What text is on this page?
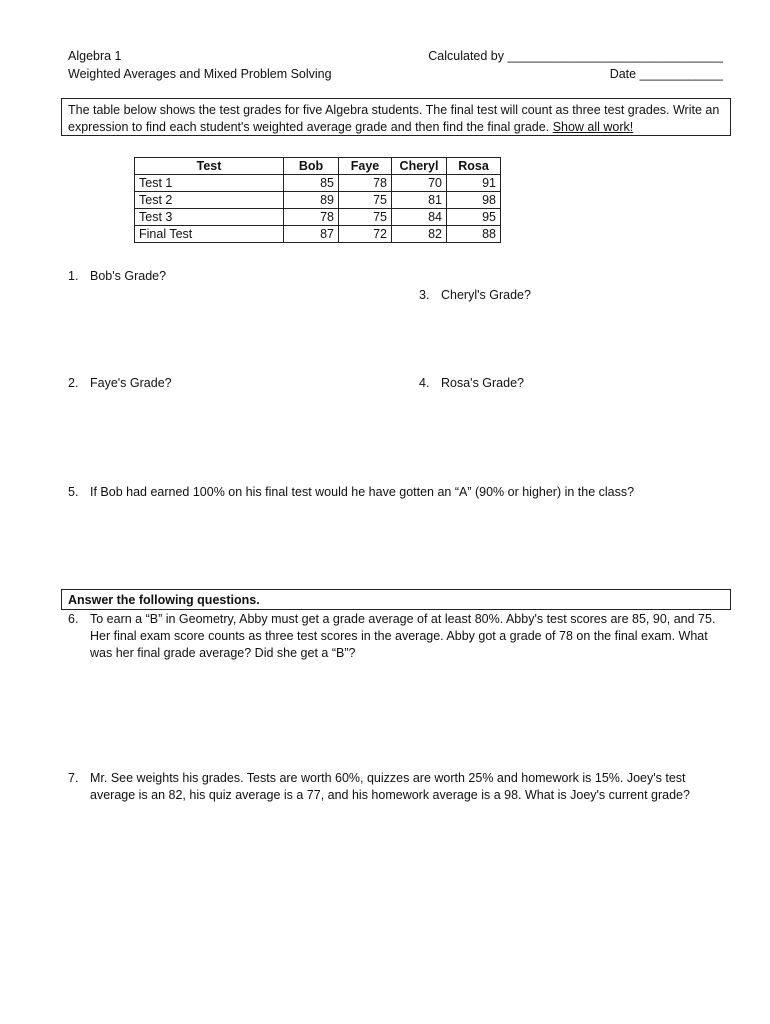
Algebra 1
Weighted Averages and Mixed Problem Solving
Calculated by _______________________________
Date ____________
The table below shows the test grades for five Algebra students. The final test will count as three test grades. Write an expression to find each student's weighted average grade and then find the final grade. Show all work!
Test	Bob	Faye	Cheryl	Rosa
Test 1	85	78	70	91
Test 2	89	75	81	98
Test 3	78	75	84	95
Final Test	87	72	82	88
1. Bob's Grade?
3. Cheryl's Grade?
2. Faye's Grade?	4. Rosa's Grade?
5. If Bob had earned 100% on his final test would he have gotten an “A” (90% or higher) in the class?
Answer the following questions.
6. To earn a “B” in Geometry, Abby must get a grade average of at least 80%. Abby's test scores are 85, 90, and 75.
Her final exam score counts as three test scores in the average. Abby got a grade of 78 on the final exam. What
was her final grade average? Did she get a “B”?
7. Mr. See weights his grades. Tests are worth 60%, quizzes are worth 25% and homework is 15%. Joey's test
average is an 82, his quiz average is a 77, and his homework average is a 98. What is Joey's current grade?
